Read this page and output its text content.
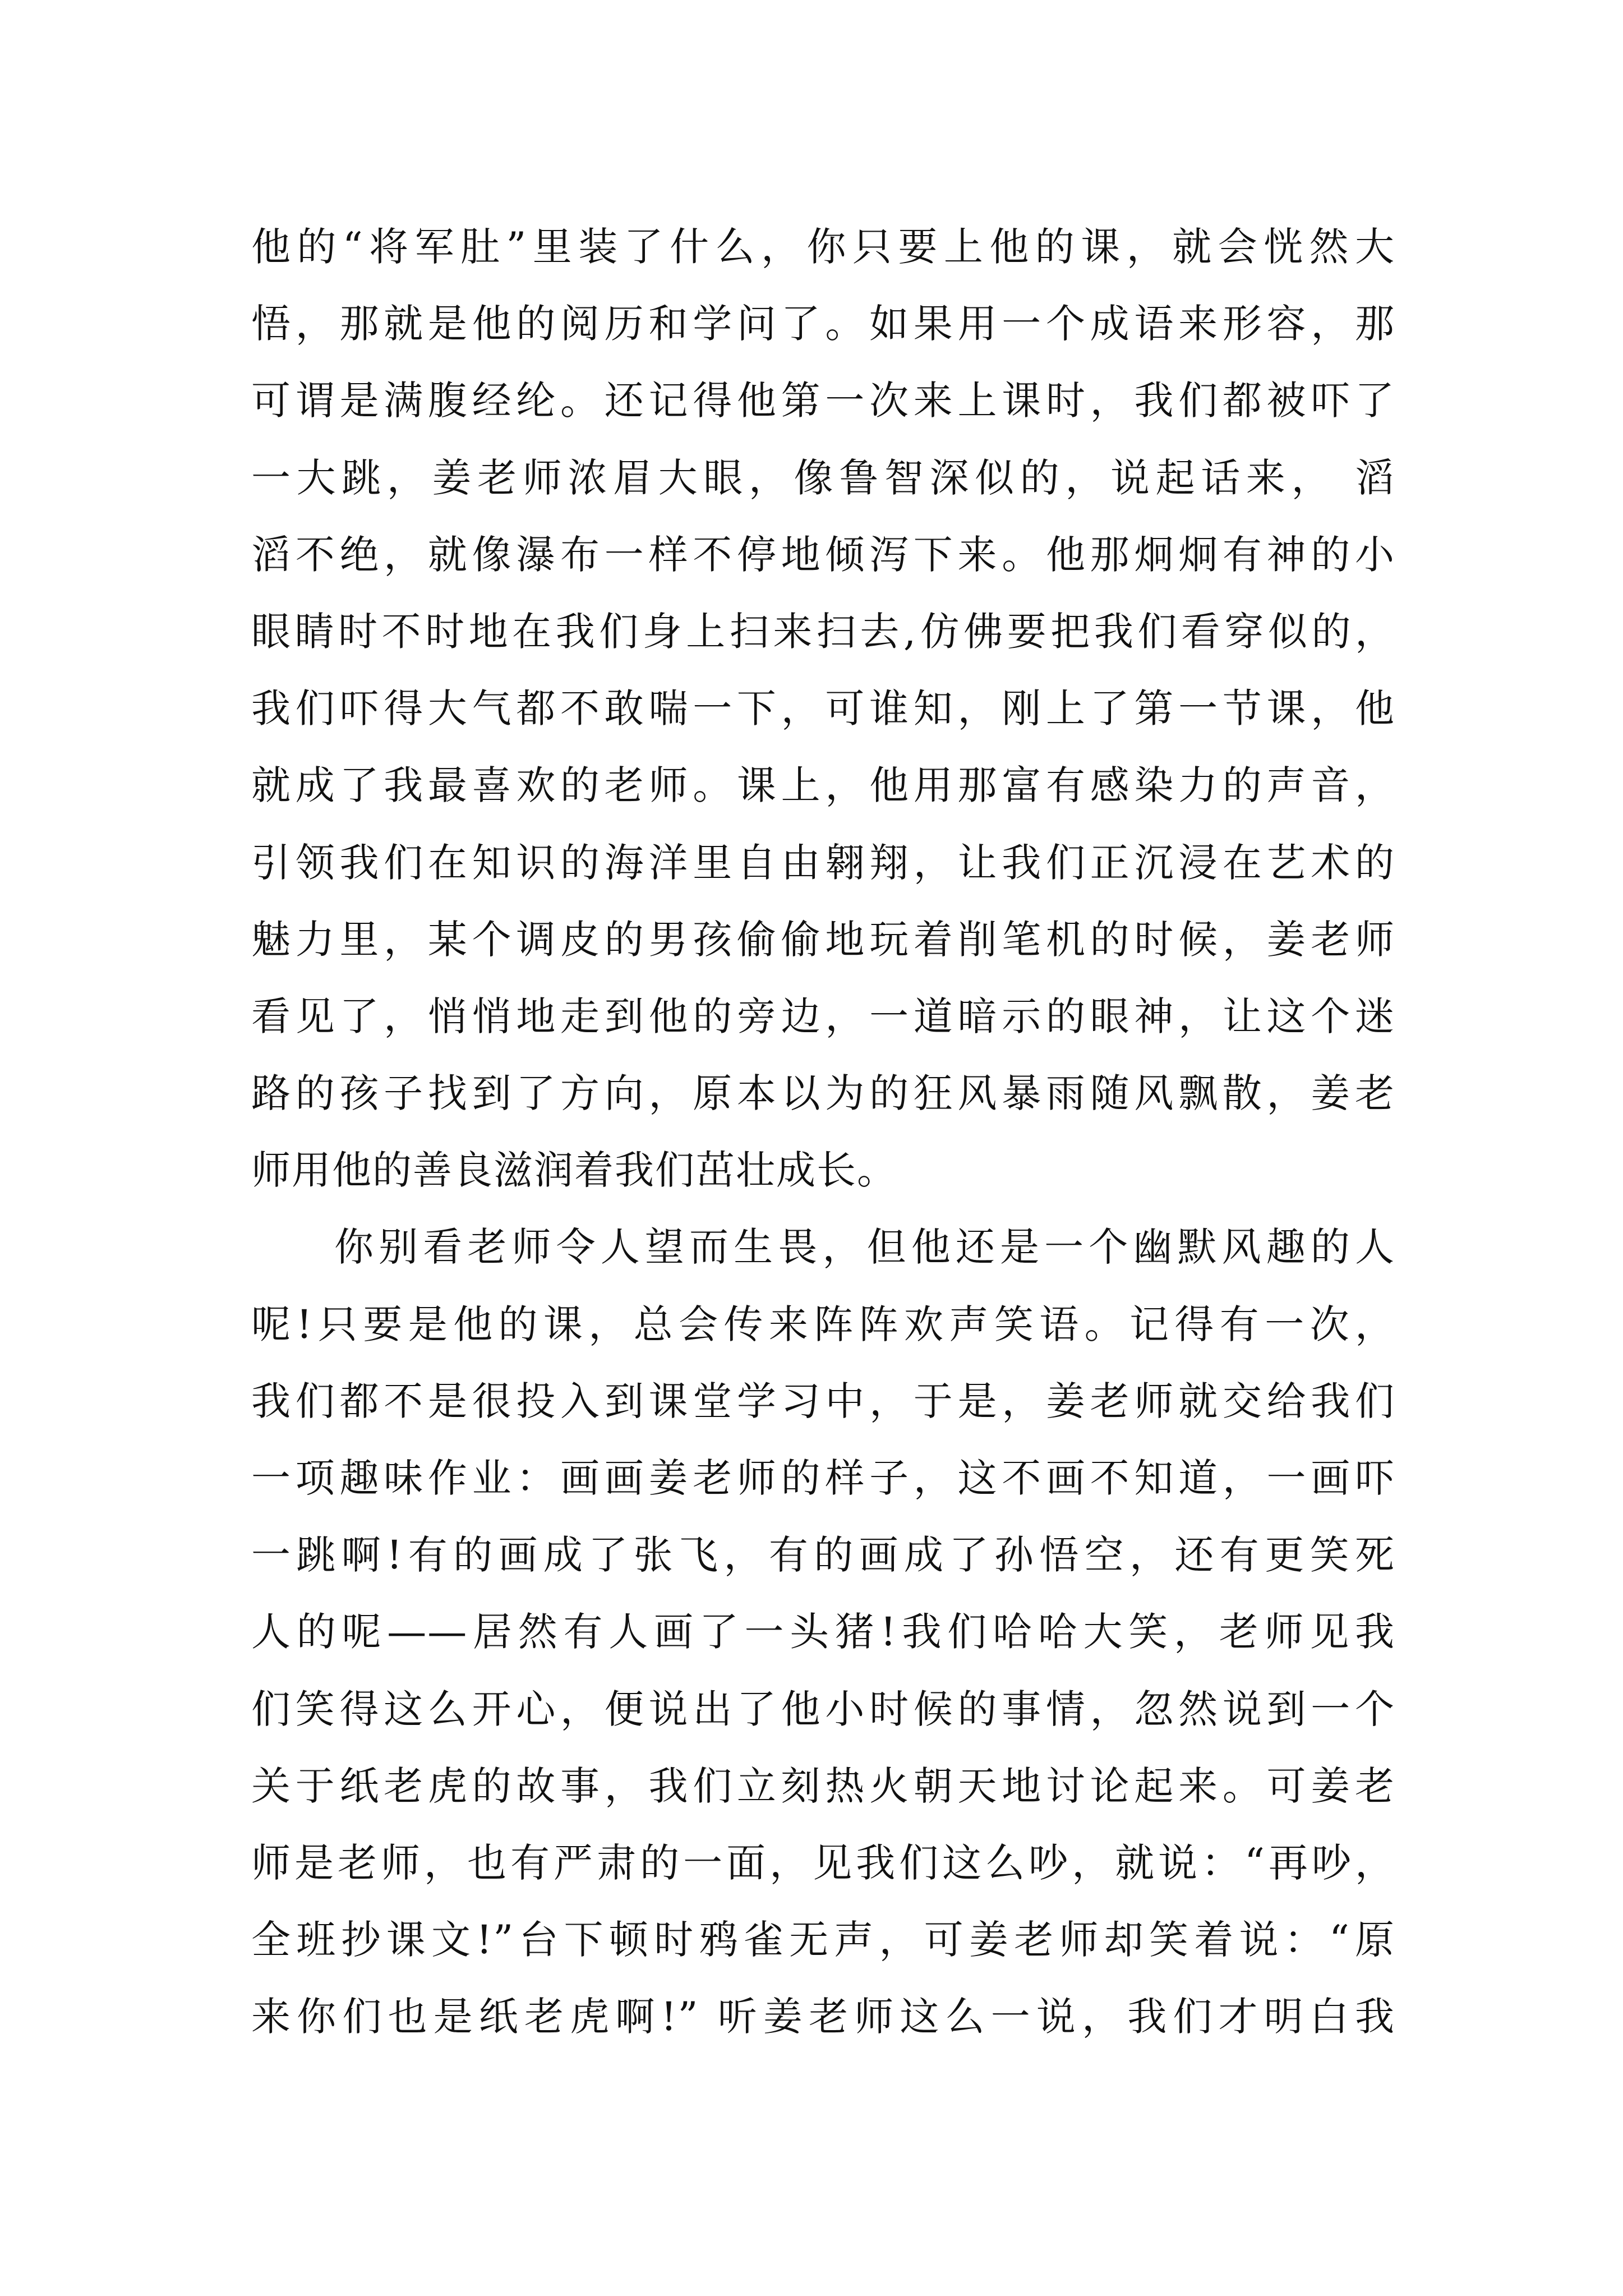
他的“将军肚”里装了什么，你只要上他的课，就会恍然大
悟，那就是他的阅历和学问了。如果用一个成语来形容，那
可谓是满腹经纶。还记得他第一次来上课时，我们都被吓了
一大跳，姜老师浓眉大眼，像鲁智深似的，说起话来， 滔
滔不绝，就像瀑布一样不停地倾泻下来。他那炯炯有神的小
眼睛时不时地在我们身上扫来扫去,仿佛要把我们看穿似的，
我们吓得大气都不敢喘一下，可谁知，刚上了第一节课，他
就成了我最喜欢的老师。课上，他用那富有感染力的声音，
引领我们在知识的海洋里自由翱翔，让我们正沉浸在艺术的
魅力里，某个调皮的男孩偷偷地玩着削笔机的时候，姜老师
看见了，悄悄地走到他的旁边，一道暗示的眼神，让这个迷
路的孩子找到了方向，原本以为的狂风暴雨随风飘散，姜老
师用他的善良滋润着我们茁壮成长。
你别看老师令人望而生畏，但他还是一个幽默风趣的人
呢!只要是他的课，总会传来阵阵欢声笑语。记得有一次，
我们都不是很投入到课堂学习中，于是，姜老师就交给我们
一项趣味作业：画画姜老师的样子，这不画不知道，一画吓
一跳啊!有的画成了张飞，有的画成了孙悟空，还有更笑死
人的呢——居然有人画了一头猪!我们哈哈大笑，老师见我
们笑得这么开心，便说出了他小时候的事情，忽然说到一个
关于纸老虎的故事，我们立刻热火朝天地讨论起来。可姜老
师是老师，也有严肃的一面，见我们这么吵，就说：“再吵，
全班抄课文!”台下顿时鸦雀无声，可姜老师却笑着说：“原
来你们也是纸老虎啊!” 听姜老师这么一说，我们才明白我
